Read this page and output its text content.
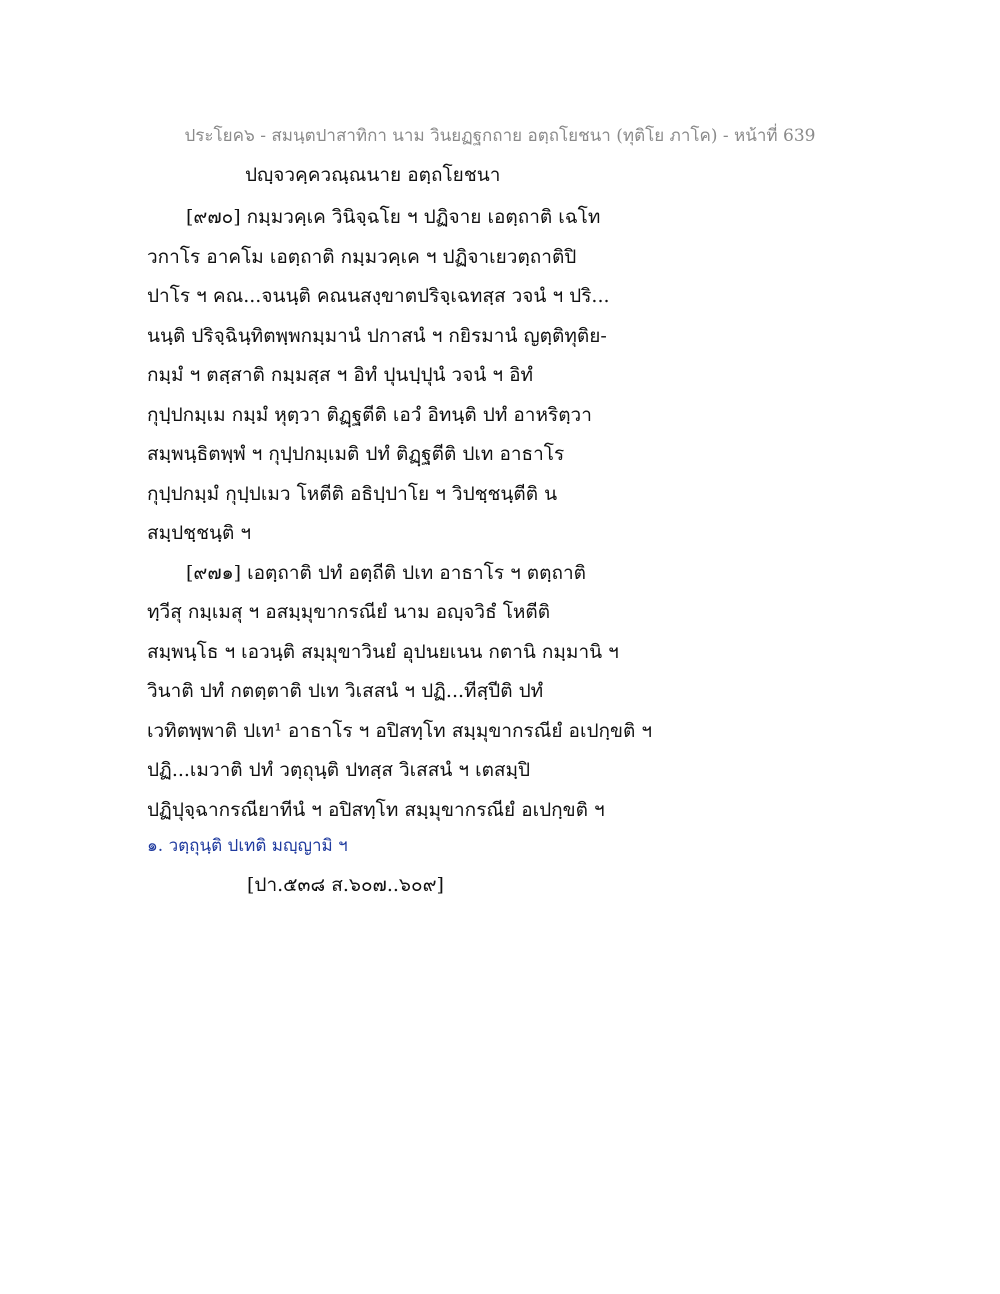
ประโยค๖ - สมนฺตปาสาทิกา นาม วินยฏฐกถาย อตฺถโยชนา (ทุติโย ภาโค) - หน้าที่ 639
ปญฺจวคฺควณฺณนาย อตฺถโยชนา
[๙๗๐] กมฺมวคฺเค วินิจฺฉโย ฯ ปฏิจาย เอตฺถาติ เฉโท
วกาโร อาคโม เอตฺถาติ กมฺมวคฺเค ฯ ปฏิจาเยวตฺถาติปิ
ปาโร ฯ คณ...จนนฺติ คณนสงฺขาตปริจฺเฉทสฺส วจนํ ฯ ปริ...
นนฺติ ปริจฺฉินฺทิตพฺพกมฺมานํ ปกาสนํ ฯ กยิรมานํ ญตฺติทุติย-
กมฺมํ ฯ ตสฺสาติ กมฺมสฺส ฯ อิทํ ปุนปฺปุนํ วจนํ ฯ อิทํ
กุปฺปกมฺเม กมฺมํ หุตฺวา ติฏฺฐตีติ เอวํ อิทนฺติ ปทํ อาหริตฺวา
สมฺพนฺธิตพฺพํ ฯ กุปฺปกมฺเมติ ปทํ ติฏฺฐตีติ ปเท อาธาโร
กุปฺปกมฺมํ กุปฺปเมว โหตีติ อธิปฺปาโย ฯ วิปชฺชนฺตีติ น
สมฺปชฺชนฺติ ฯ
[๙๗๑] เอตฺถาติ ปทํ อตฺถีติ ปเท อาธาโร ฯ ตตฺถาติ
ทฺวีสุ กมฺเมสุ ฯ อสมฺมุขากรณียํ นาม อญฺจวิธํ โหตีติ
สมฺพนฺโธ ฯ เอวนฺติ สมฺมุขาวินยํ อุปนยเนน กตานิ กมฺมานิ ฯ
วินาติ ปทํ กตตฺตาติ ปเท วิเสสนํ ฯ ปฏิ...ทีสฺปีติ ปทํ
เวทิตพฺพาติ ปเท¹ อาธาโร ฯ อปิสทฺโท สมฺมุขากรณียํ อเปกฺขติ ฯ
ปฏิ...เมวาติ ปทํ วตฺถุนฺติ ปทสฺส วิเสสนํ ฯ เตสมฺปิ
ปฏิปุจฺฉากรณียาทีนํ ฯ อปิสทฺโท สมฺมุขากรณียํ อเปกฺขติ ฯ
๑. วตฺถุนฺติ ปเทติ มญฺญามิ ฯ
[ปา.๕๓๘ ส.๖๐๗..๖๐๙]
